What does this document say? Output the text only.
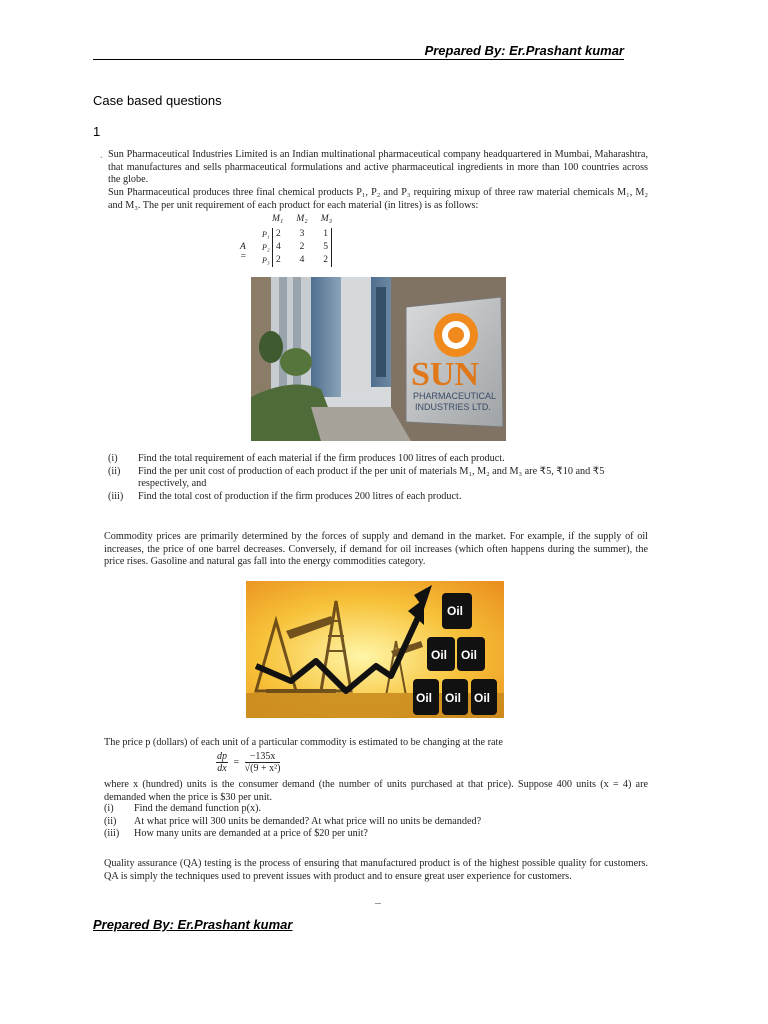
Prepared By: Er.Prashant kumar
Case based questions
1
. Sun Pharmaceutical Industries Limited is an Indian multinational pharmaceutical company headquartered in Mumbai, Maharashtra, that manufactures and sells pharmaceutical formulations and active pharmaceutical ingredients in more than 100 countries across the globe.
Sun Pharmaceutical produces three final chemical products P₁, P₂ and P₃ requiring mixup of three raw material chemicals M₁, M₂ and M₃. The per unit requirement of each product for each material (in litres) is as follows:
M₁ M₂ M₃
A =
P₁
P₂
P₃
2 3 1
4 2 5
2 4 2
SUN
PHARMACEUTICAL
INDUSTRIES LTD.
(i)	Find the total requirement of each material if the firm produces 100 litres of each product.
(ii)	Find the per unit cost of production of each product if the per unit of materials M₁, M₂ and M₃ are ₹5, ₹10 and ₹5 respectively, and
(iii)	Find the total cost of production if the firm produces 200 litres of each product.
Commodity prices are primarily determined by the forces of supply and demand in the market. For example, if the supply of oil increases, the price of one barrel decreases. Conversely, if demand for oil increases (which often happens during the summer), the price rises. Gasoline and natural gas fall into the energy commodities category.
Oil
Oil Oil
Oil Oil Oil
The price p (dollars) of each unit of a particular commodity is estimated to be changing at the rate
$\frac{dp}{dx} = \frac{-135x}{\text{√(9 + x²)}}$
where x (hundred) units is the consumer demand (the number of units purchased at that price). Suppose 400 units (x = 4) are demanded when the price is $30 per unit.
(i)	Find the demand function p(x).
(ii)	At what price will 300 units be demanded? At what price will no units be demanded?
(iii)	How many units are demanded at a price of $20 per unit?
Quality assurance (QA) testing is the process of ensuring that manufactured product is of the highest possible quality for customers. QA is simply the techniques used to prevent issues with product and to ensure great user experience for customers.
Prepared By: Er.Prashant kumar
